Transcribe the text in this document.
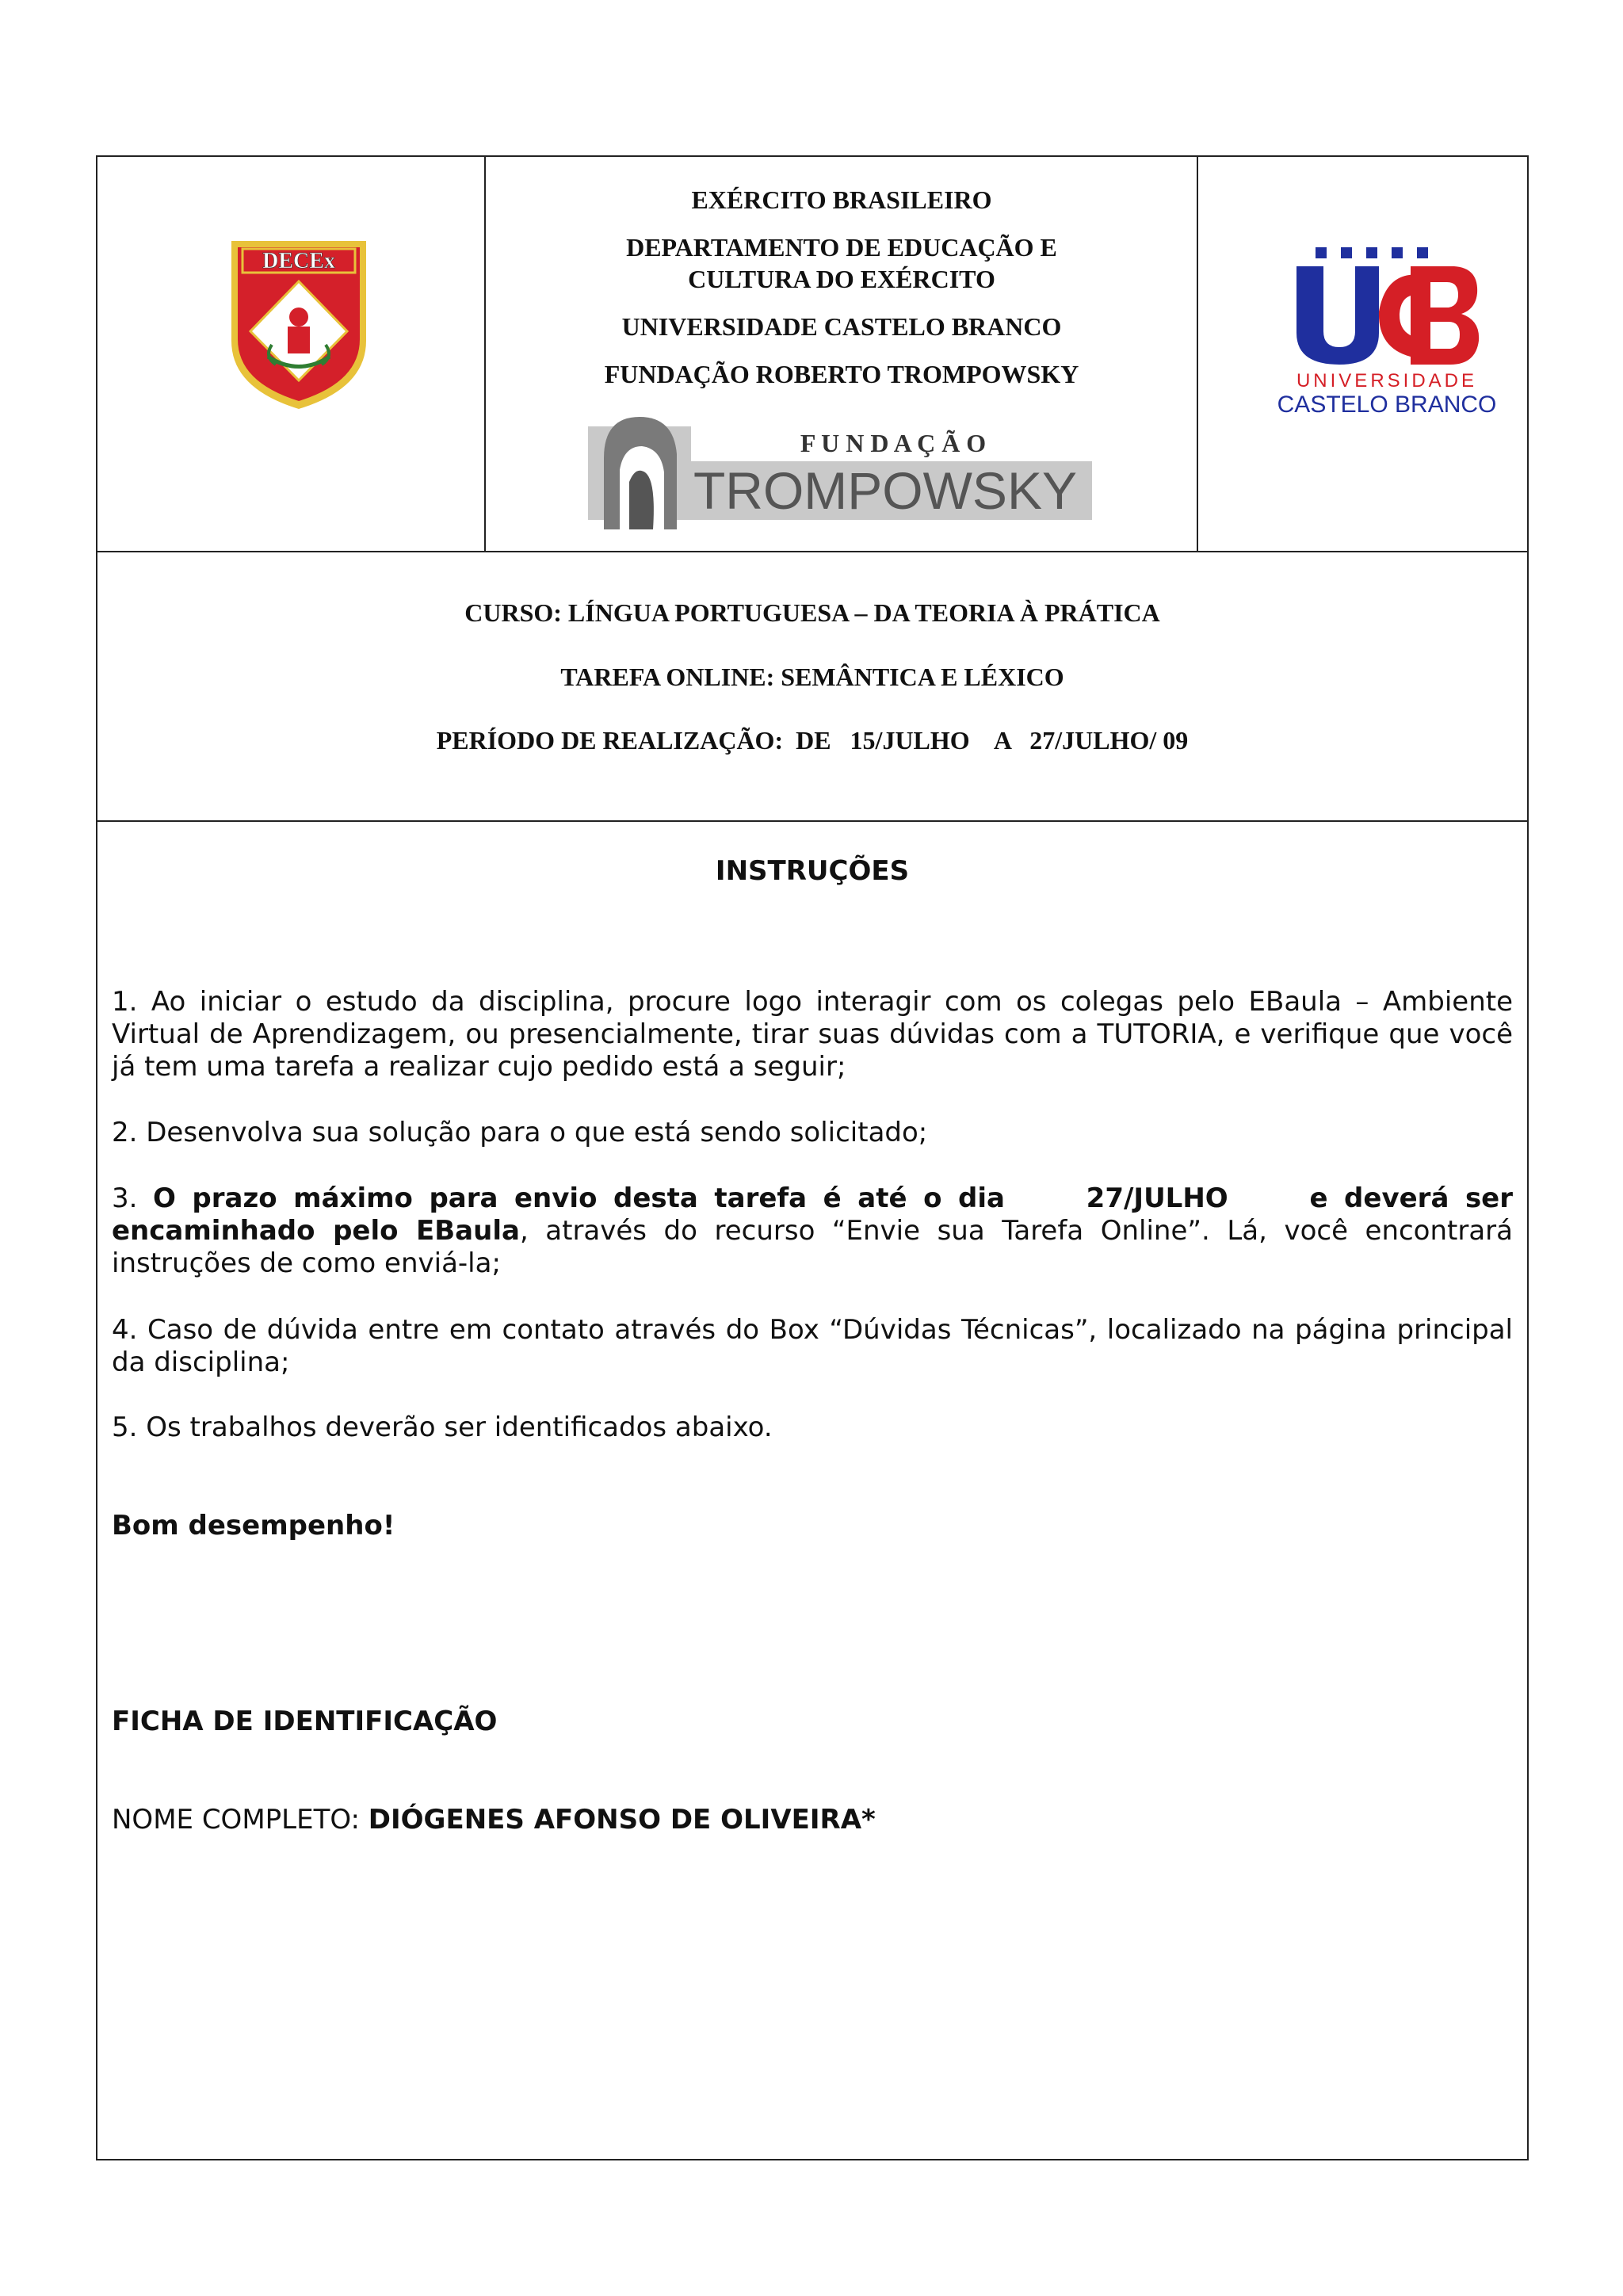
DECEx

EXÉRCITO BRASILEIRO

DEPARTAMENTO DE EDUCAÇÃO E

CULTURA DO EXÉRCITO

UNIVERSIDADE CASTELO BRANCO

FUNDAÇÃO ROBERTO TROMPOWSKY

F U N D A Ç Ã O
TROMPOWSKY
UNIVERSIDADE
CASTELO BRANCO
CURSO: LÍNGUA PORTUGUESA – DA TEORIA À PRÁTICA
TAREFA ONLINE: SEMÂNTICA E LÉXICO
PERÍODO DE REALIZAÇÃO:  DE   15/JULHO    A   27/JULHO/ 09
INSTRUÇÕES
1. Ao iniciar o estudo da disciplina, procure logo interagir com os colegas pelo EBaula – Ambiente Virtual de Aprendizagem, ou presencialmente, tirar suas dúvidas com a TUTORIA, e verifique que você já tem uma tarefa a realizar cujo pedido está a seguir;
2. Desenvolva sua solução para o que está sendo solicitado;
3. O prazo máximo para envio desta tarefa é até o dia     27/JULHO     e deverá ser encaminhado pelo EBaula, através do recurso “Envie sua Tarefa Online”. Lá, você encontrará instruções de como enviá-la;
4. Caso de dúvida entre em contato através do Box “Dúvidas Técnicas”, localizado na página principal da disciplina;
5. Os trabalhos deverão ser identificados abaixo.
Bom desempenho!
FICHA DE IDENTIFICAÇÃO
NOME COMPLETO: DIÓGENES AFONSO DE OLIVEIRA*
